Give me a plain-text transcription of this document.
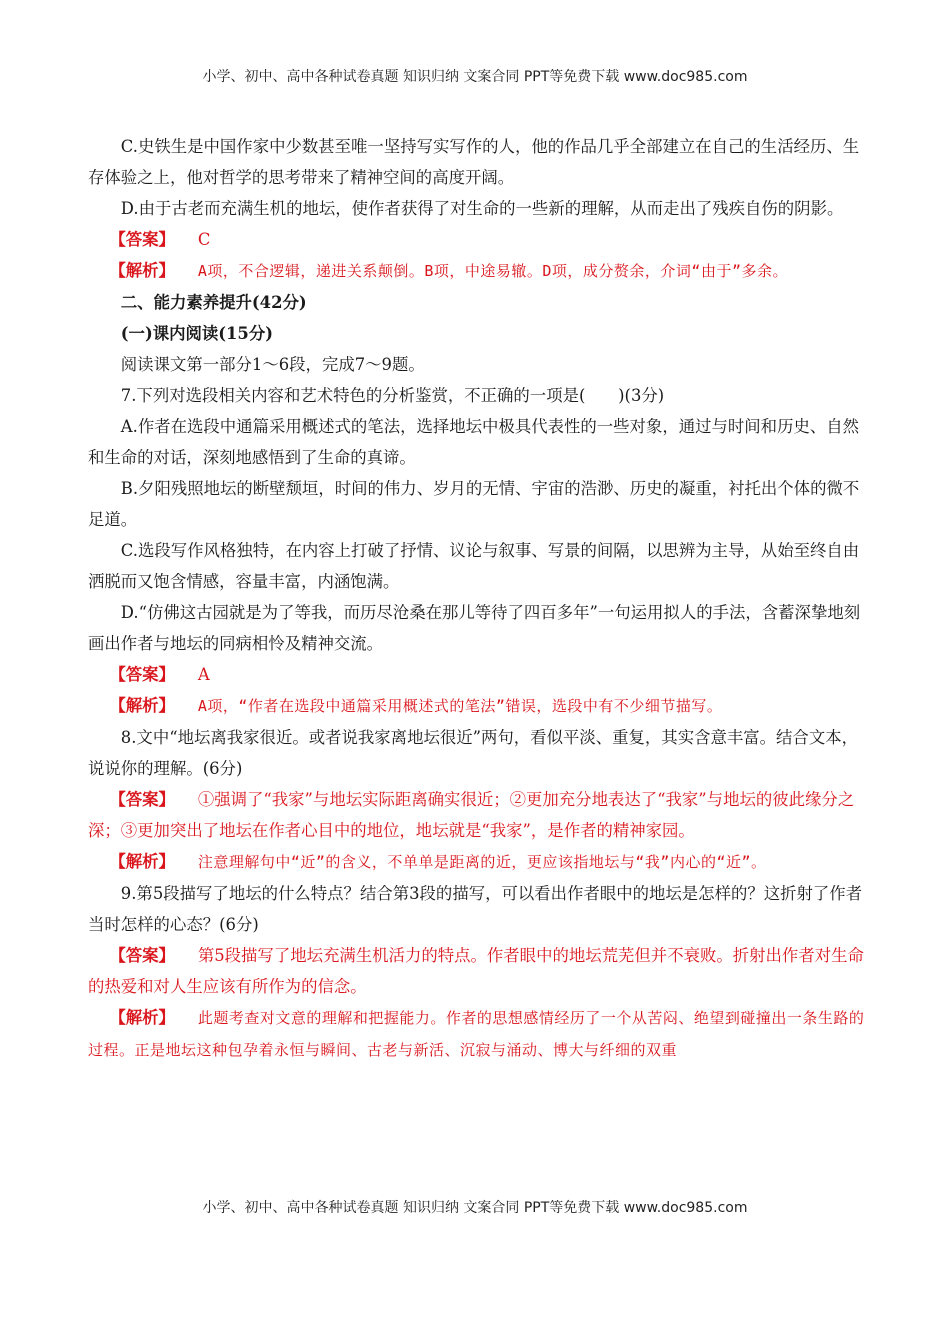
小学、初中、高中各种试卷真题 知识归纳 文案合同 PPT等免费下载 www.doc985.com

C.史铁生是中国作家中少数甚至唯一坚持写实写作的人，他的作品几乎全部建立在自己的生活经历、生存体验之上，他对哲学的思考带来了精神空间的高度开阔。

D.由于古老而充满生机的地坛，使作者获得了对生命的一些新的理解，从而走出了残疾自伤的阴影。

【答案】 C

【解析】 A项，不合逻辑，递进关系颠倒。B项，中途易辙。D项，成分赘余，介词“由于”多余。

二、能力素养提升(42分)

(一)课内阅读(15分)

阅读课文第一部分1～6段，完成7～9题。

7.下列对选段相关内容和艺术特色的分析鉴赏，不正确的一项是(　　)(3分)

A.作者在选段中通篇采用概述式的笔法，选择地坛中极具代表性的一些对象，通过与时间和历史、自然和生命的对话，深刻地感悟到了生命的真谛。

B.夕阳残照地坛的断壁颓垣，时间的伟力、岁月的无情、宇宙的浩渺、历史的凝重，衬托出个体的微不足道。

C.选段写作风格独特，在内容上打破了抒情、议论与叙事、写景的间隔，以思辨为主导，从始至终自由洒脱而又饱含情感，容量丰富，内涵饱满。

D.“仿佛这古园就是为了等我，而历尽沧桑在那儿等待了四百多年”一句运用拟人的手法，含蓄深挚地刻画出作者与地坛的同病相怜及精神交流。

【答案】 A

【解析】 A项，“作者在选段中通篇采用概述式的笔法”错误，选段中有不少细节描写。

8.文中“地坛离我家很近。或者说我家离地坛很近”两句，看似平淡、重复，其实含意丰富。结合文本，说说你的理解。(6分)

【答案】 ①强调了“我家”与地坛实际距离确实很近；②更加充分地表达了“我家”与地坛的彼此缘分之深；③更加突出了地坛在作者心目中的地位，地坛就是“我家”，是作者的精神家园。

【解析】 注意理解句中“近”的含义，不单单是距离的近，更应该指地坛与“我”内心的“近”。

9.第5段描写了地坛的什么特点？结合第3段的描写，可以看出作者眼中的地坛是怎样的？这折射了作者当时怎样的心态？(6分)

【答案】 第5段描写了地坛充满生机活力的特点。作者眼中的地坛荒芜但并不衰败。折射出作者对生命的热爱和对人生应该有所作为的信念。

【解析】 此题考查对文意的理解和把握能力。作者的思想感情经历了一个从苦闷、绝望到碰撞出一条生路的过程。正是地坛这种包孕着永恒与瞬间、古老与新活、沉寂与涌动、博大与纤细的双重

小学、初中、高中各种试卷真题 知识归纳 文案合同 PPT等免费下载 www.doc985.com
